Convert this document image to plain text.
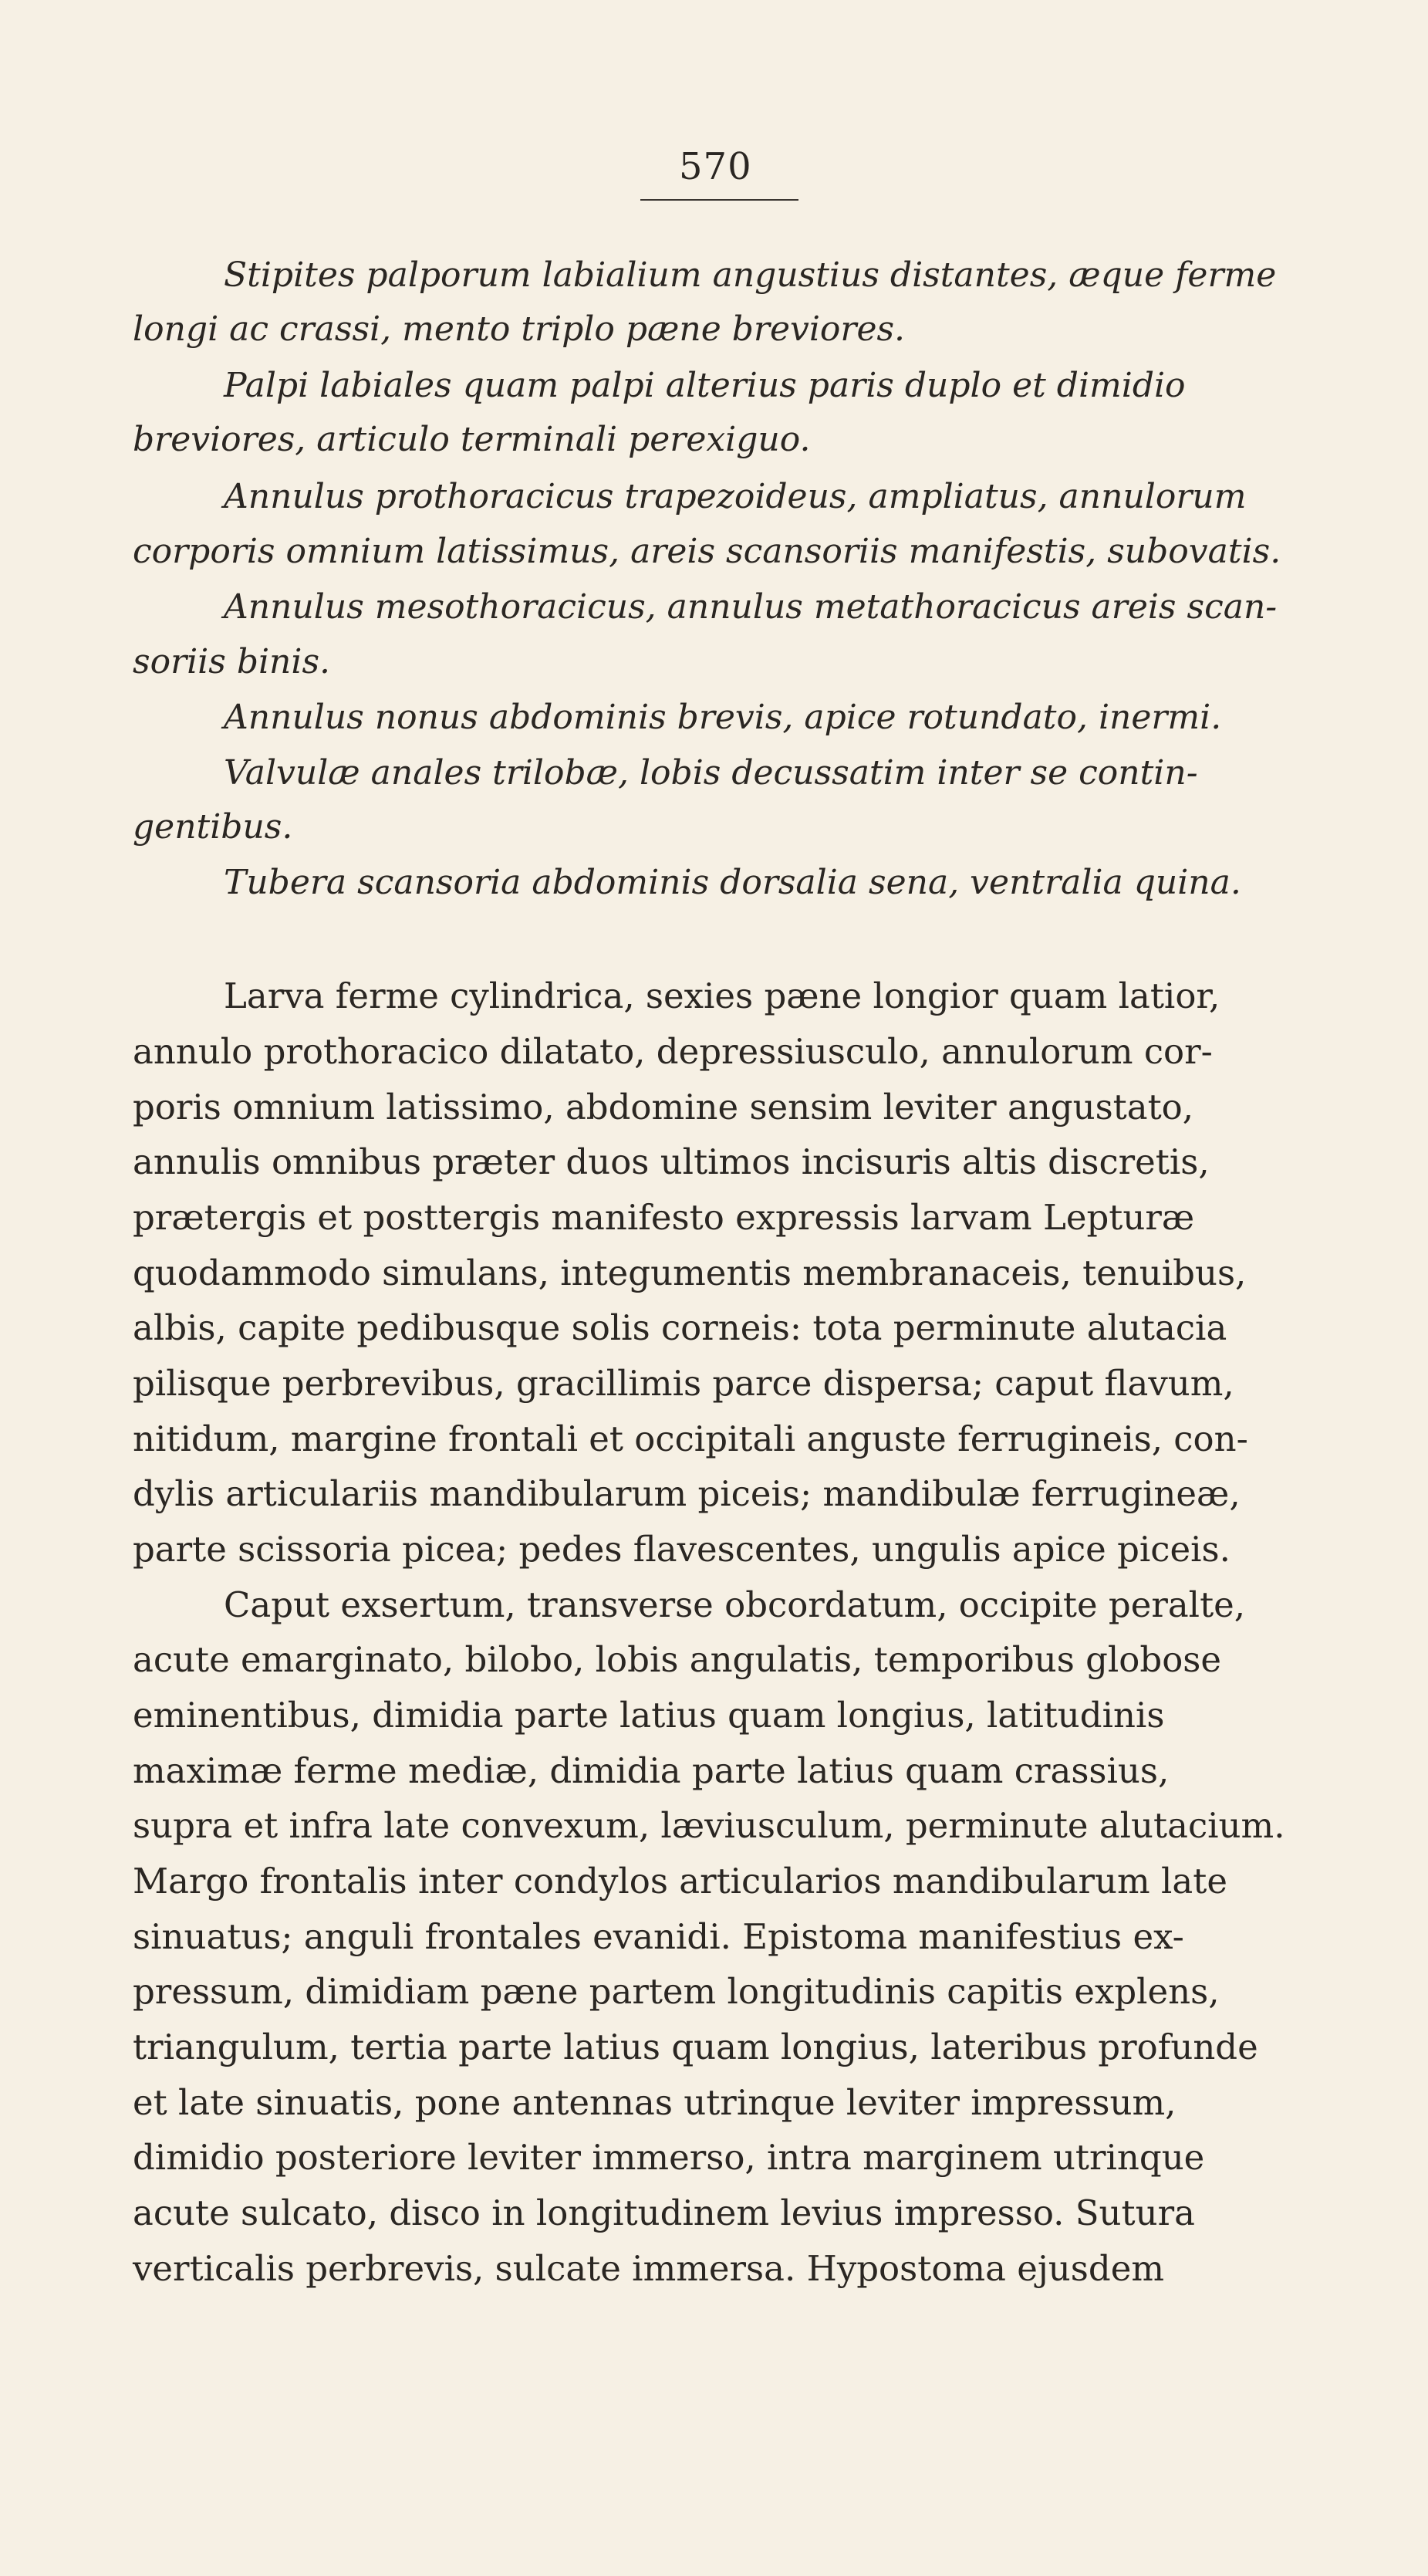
570
Stipites palporum labialium angustius distantes, æque ferme
longi ac crassi, mento triplo pæne breviores.
Palpi labiales quam palpi alterius paris duplo et dimidio
breviores, articulo terminali perexiguo.
Annulus prothoracicus trapezoideus, ampliatus, annulorum
corporis omnium latissimus, areis scansoriis manifestis, subovatis.
Annulus mesothoracicus, annulus metathoracicus areis scan-
soriis binis.
Annulus nonus abdominis brevis, apice rotundato, inermi.
Valvulæ anales trilobæ, lobis decussatim inter se contin-
gentibus.
Tubera scansoria abdominis dorsalia sena, ventralia quina.
Larva ferme cylindrica, sexies pæne longior quam latior,
annulo prothoracico dilatato, depressiusculo, annulorum cor-
poris omnium latissimo, abdomine sensim leviter angustato,
annulis omnibus præter duos ultimos incisuris altis discretis,
prætergis et posttergis manifesto expressis larvam Lepturæ
quodammodo simulans, integumentis membranaceis, tenuibus,
albis, capite pedibusque solis corneis: tota perminute alutacia
pilisque perbrevibus, gracillimis parce dispersa; caput flavum,
nitidum, margine frontali et occipitali anguste ferrugineis, con-
dylis articulariis mandibularum piceis; mandibulæ ferrugineæ,
parte scissoria picea; pedes flavescentes, ungulis apice piceis.
Caput exsertum, transverse obcordatum, occipite peralte,
acute emarginato, bilobo, lobis angulatis, temporibus globose
eminentibus, dimidia parte latius quam longius, latitudinis
maximæ ferme mediæ, dimidia parte latius quam crassius,
supra et infra late convexum, læviusculum, perminute alutacium.
Margo frontalis inter condylos articularios mandibularum late
sinuatus; anguli frontales evanidi. Epistoma manifestius ex-
pressum, dimidiam pæne partem longitudinis capitis explens,
triangulum, tertia parte latius quam longius, lateribus profunde
et late sinuatis, pone antennas utrinque leviter impressum,
dimidio posteriore leviter immerso, intra marginem utrinque
acute sulcato, disco in longitudinem levius impresso. Sutura
verticalis perbrevis, sulcate immersa. Hypostoma ejusdem
